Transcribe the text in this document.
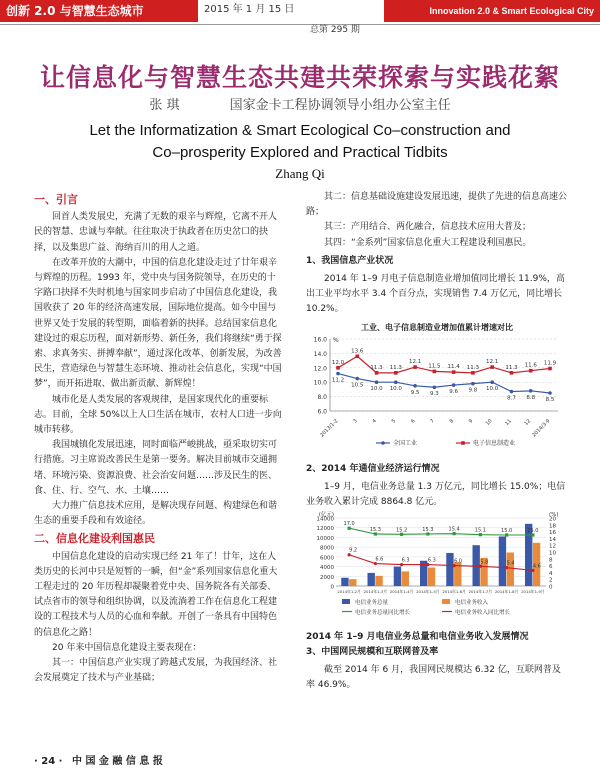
创新 2.0 与智慧生态城市	2015 年 1 月 15 日	Innovation 2.0 & Smart Ecological City
总第 295 期
让信息化与智慧生态共建共荣探索与实践花絮
张 琪	国家金卡工程协调领导小组办公室主任
Let the Informatization & Smart Ecological Co–construction and
Co–prosperity Explored and Practical Tidbits
Zhang Qi
一、引言

回首人类发展史，充满了无数的艰辛与辉煌，它离不开人民的智慧、忠诚与奉献。往往取决于执政者在历史岔口的抉择，以及集思广益、海纳百川的用人之道。

在改革开放的大潮中，中国的信息化建设走过了廿年艰辛与辉煌的历程。1993 年，党中央与国务院领导，在历史的十字路口抉择不失时机地与国家同步启动了中国信息化建设，我国收获了 20 年的经济高速发展，国际地位提高。如今中国与世界又处于发展的转型期，面临着新的抉择。总结国家信息化建设过的艰忘历程，面对新形势、新任务，我们将继续“勇于探索、求真务实、拼搏奉献”，通过深化改革、创新发展，为改善民生，营造绿色与智慧生态环境、推动社会信息化，实现“中国梦”，而开拓进取、做出新贡献、新辉煌！

城市化是人类发展的客观规律，是国家现代化的重要标志。目前，全球 50%以上人口生活在城市，农村人口进一步向城市转移。

我国城镇化发展迅速，同时面临严峻挑战，亟采取切实可行措施。习主席说改善民生是第一要务。解决目前城市交通拥堵、环境污染、资源浪费、社会治安问题……涉及民生的医、食、住、行、空气、水、土壤……

大力推广信息技术应用，是解决现存问题、构建绿色和谐生态的重要手段和有效途径。

二、信息化建设利国惠民

中国信息化建设的启动实现已经 21 年了！廿年，这在人类历史的长河中只是短暂的一瞬，但“金”系列国家信息化重大工程走过的 20 年历程却凝聚着党中央、国务院各有关部委、试点省市的领导和组织协调，以及流淌着工作在信息化工程建设的工程技术与人员的心血和奉献。开创了一条具有中国特色的信息化之路！

20 年来中国信息化建设主要表现在：

其一：中国信息产业实现了跨越式发展，为我国经济、社会发展奠定了技术与产业基础；

其二：信息基础设施建设发展迅速，提供了先进的信息高速公路；

其三：产用结合、两化融合，信息技术应用大普及；

其四：“金系列”国家信息化重大工程建设利国惠民。

1、我国信息产业状况

2014 年 1–9 月电子信息制造业增加值同比增长 11.9%，高出工业平均水平 3.4 个百分点，实现销售 7.4 万亿元，同比增长 10.2%。

工业、电子信息制造业增加值累计增速对比
6.0
8.0
10.0
12.0
14.0
16.0 %
11.2
10.5
10.0 10.0
9.5 9.3 9.6 9.8 10.0
8.7 8.8 8.5
12.0
13.6
11.3 11.3
12.1
11.5 11.4 11.3
12.1
11.3 11.6 11.9
2013/1-2	3	4	5	6	7	8	9 10 11 12 2014/3-9
全国工业	电子信息制造业
2、2014 年通信业经济运行情况

1–9 月，电信业务总量 1.3 万亿元，同比增长 15.0%；电信业务收入累计完成 8864.8 亿元。

0
2000
4000
6000
8000
10000
12000
14000
0
2
4
6
8
10
12
14
16
18
20
(亿元)	(%)
17.0
15.3	15.2	15.3	15.4	15.1	15.0	15.0
9.2
6.6	6.3	6.3	6.0	5.8	5.4	4.6
2014年1-2月 2014年1-3月 2014年1-4月 2014年1-5月 2014年1-6月 2014年1-7月 2014年1-8月 2014年1-9月
电信业务总量	电信业务收入
电信业务总量同比增长	电信业务收入同比增长
2014 年 1–9 月电信业务总量和电信业务收入发展情况
3、中国网民规模和互联网普及率

截至 2014 年 6 月，我国网民规模达 6.32 亿，互联网普及率 46.9%。

· 24 · 中 国 金 融 信 息 报
